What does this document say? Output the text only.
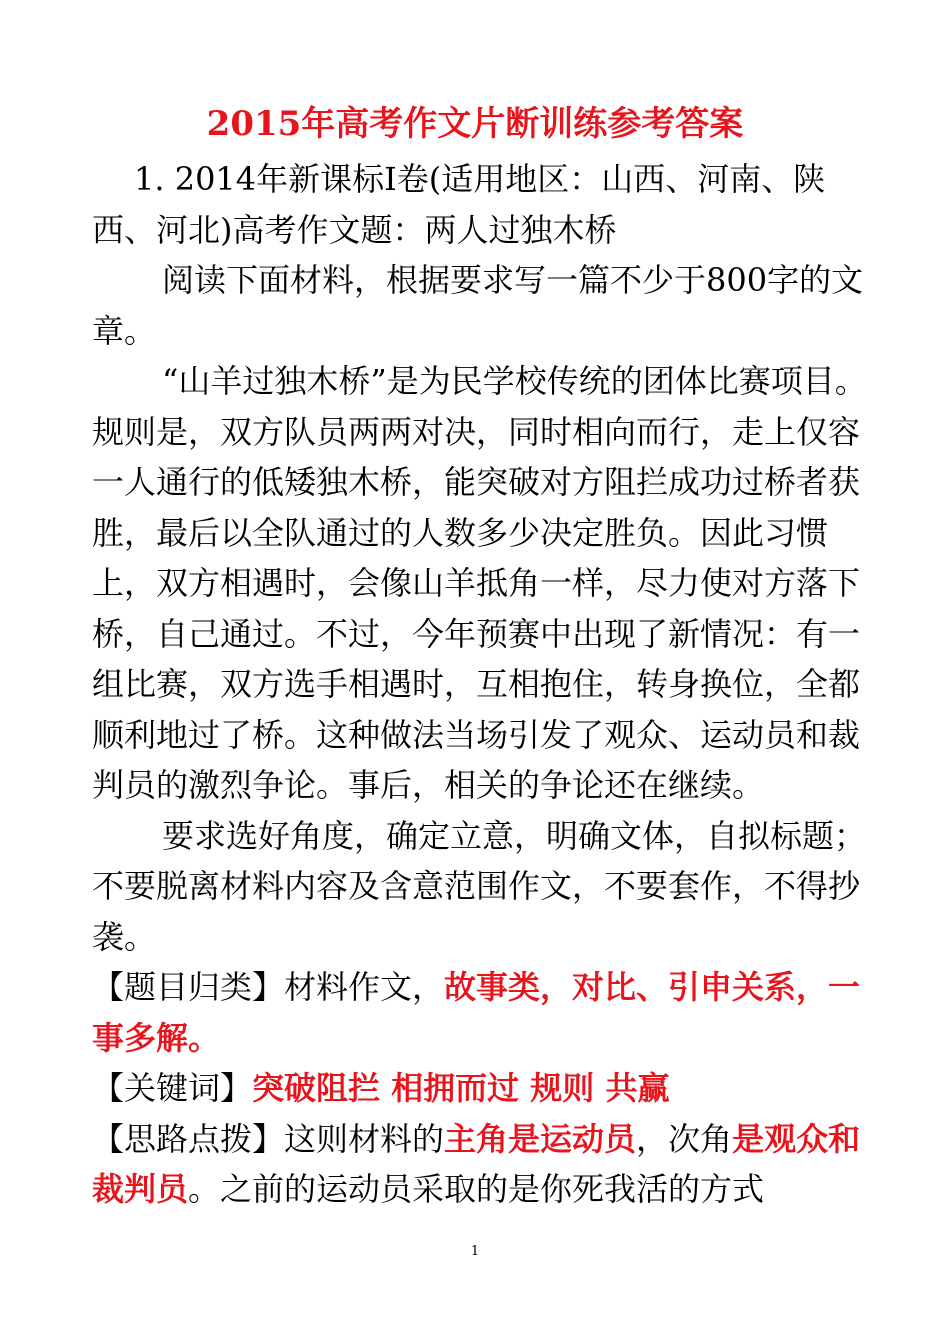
2015年高考作文片断训练参考答案

1. 2014年新课标Ⅰ卷(适用地区：山西、河南、陕西、河北)高考作文题：两人过独木桥

阅读下面材料，根据要求写一篇不少于800字的文章。

“山羊过独木桥”是为民学校传统的团体比赛项目。规则是，双方队员两两对决，同时相向而行，走上仅容一人通行的低矮独木桥，能突破对方阻拦成功过桥者获胜，最后以全队通过的人数多少决定胜负。因此习惯上，双方相遇时，会像山羊抵角一样，尽力使对方落下桥，自己通过。不过，今年预赛中出现了新情况：有一组比赛，双方选手相遇时，互相抱住，转身换位，全都顺利地过了桥。这种做法当场引发了观众、运动员和裁判员的激烈争论。事后，相关的争论还在继续。

要求选好角度，确定立意，明确文体，自拟标题；不要脱离材料内容及含意范围作文，不要套作，不得抄袭。

【题目归类】材料作文，故事类，对比、引申关系，一事多解。

【关键词】突破阻拦 相拥而过 规则 共赢

【思路点拨】这则材料的主角是运动员，次角是观众和裁判员。之前的运动员采取的是你死我活的方式

1
